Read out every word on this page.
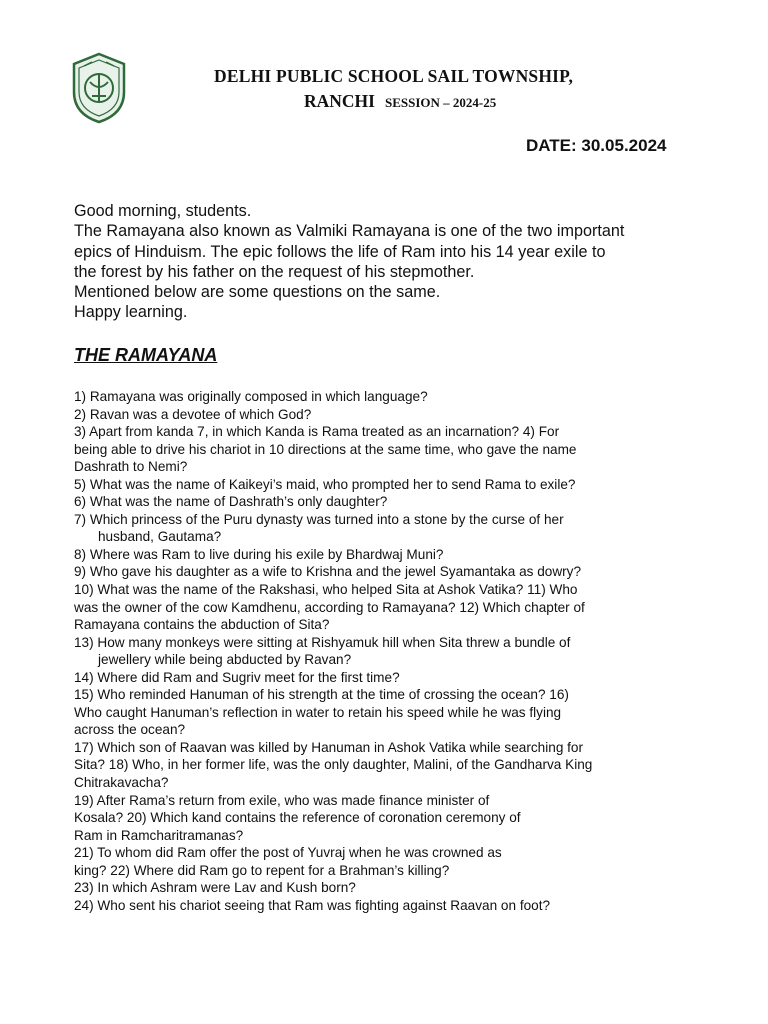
DELHI PUBLIC SCHOOL SAIL TOWNSHIP,
RANCHI SESSION – 2024-25
DATE: 30.05.2024

Good morning, students.

The Ramayana also known as Valmiki Ramayana is one of the two important

epics of Hinduism. The epic follows the life of Ram into his 14 year exile to

the forest by his father on the request of his stepmother.

Mentioned below are some questions on the same.

Happy learning.

THE RAMAYANA

1) Ramayana was originally composed in which language?

2) Ravan was a devotee of which God?

3) Apart from kanda 7, in which Kanda is Rama treated as an incarnation? 4) For

being able to drive his chariot in 10 directions at the same time, who gave the name

Dashrath to Nemi?

5) What was the name of Kaikeyi’s maid, who prompted her to send Rama to exile?

6) What was the name of Dashrath’s only daughter?

7) Which princess of the Puru dynasty was turned into a stone by the curse of her

husband, Gautama?

8) Where was Ram to live during his exile by Bhardwaj Muni?

9) Who gave his daughter as a wife to Krishna and the jewel Syamantaka as dowry?

10) What was the name of the Rakshasi, who helped Sita at Ashok Vatika? 11) Who

was the owner of the cow Kamdhenu, according to Ramayana? 12) Which chapter of

Ramayana contains the abduction of Sita?

13) How many monkeys were sitting at Rishyamuk hill when Sita threw a bundle of

jewellery while being abducted by Ravan?

14) Where did Ram and Sugriv meet for the first time?

15) Who reminded Hanuman of his strength at the time of crossing the ocean? 16)

Who caught Hanuman’s reflection in water to retain his speed while he was flying

across the ocean?

17) Which son of Raavan was killed by Hanuman in Ashok Vatika while searching for

Sita? 18) Who, in her former life, was the only daughter, Malini, of the Gandharva King

Chitrakavacha?

19) After Rama’s return from exile, who was made finance minister of

Kosala? 20) Which kand contains the reference of coronation ceremony of

Ram in Ramcharitramanas?

21) To whom did Ram offer the post of Yuvraj when he was crowned as

king? 22) Where did Ram go to repent for a Brahman’s killing?

23) In which Ashram were Lav and Kush born?

24) Who sent his chariot seeing that Ram was fighting against Raavan on foot?
